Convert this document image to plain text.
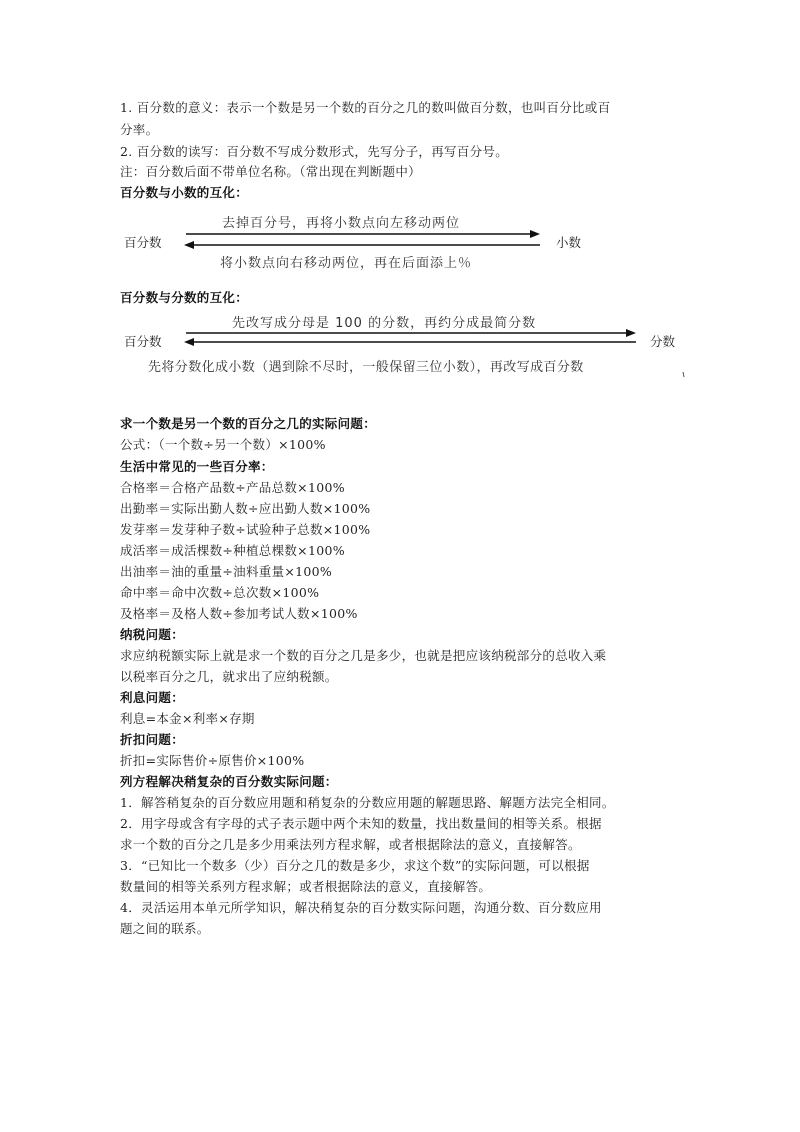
1. 百分数的意义：表示一个数是另一个数的百分之几的数叫做百分数，也叫百分比或百
分率。
2. 百分数的读写：百分数不写成分数形式，先写分子，再写百分号。
注：百分数后面不带单位名称。（常出现在判断题中）
百分数与小数的互化：
去掉百分号，再将小数点向左移动两位
百分数	小数
将小数点向右移动两位，再在后面添上％
百分数与分数的互化：
先改写成分母是 100 的分数，再约分成最简分数
百分数	分数
先将分数化成小数（遇到除不尽时，一般保留三位小数），再改写成百分数
求一个数是另一个数的百分之几的实际问题：
公式：（一个数÷另一个数）×100%
生活中常见的一些百分率：
合格率＝合格产品数÷产品总数×100%
出勤率＝实际出勤人数÷应出勤人数×100%
发芽率＝发芽种子数÷试验种子总数×100%
成活率＝成活棵数÷种植总棵数×100%
出油率＝油的重量÷油料重量×100%
命中率＝命中次数÷总次数×100%
及格率＝及格人数÷参加考试人数×100%
纳税问题：
求应纳税额实际上就是求一个数的百分之几是多少，也就是把应该纳税部分的总收入乘
以税率百分之几，就求出了应纳税额。
利息问题：
利息=本金×利率×存期
折扣问题：
折扣=实际售价÷原售价×100%
列方程解决稍复杂的百分数实际问题：
1．解答稍复杂的百分数应用题和稍复杂的分数应用题的解题思路、解题方法完全相同。
2．用字母或含有字母的式子表示题中两个未知的数量，找出数量间的相等关系。根据
求一个数的百分之几是多少用乘法列方程求解，或者根据除法的意义，直接解答。
3．“已知比一个数多（少）百分之几的数是多少，求这个数”的实际问题，可以根据
数量间的相等关系列方程求解；或者根据除法的意义，直接解答。
4．灵活运用本单元所学知识，解决稍复杂的百分数实际问题，沟通分数、百分数应用
题之间的联系。
